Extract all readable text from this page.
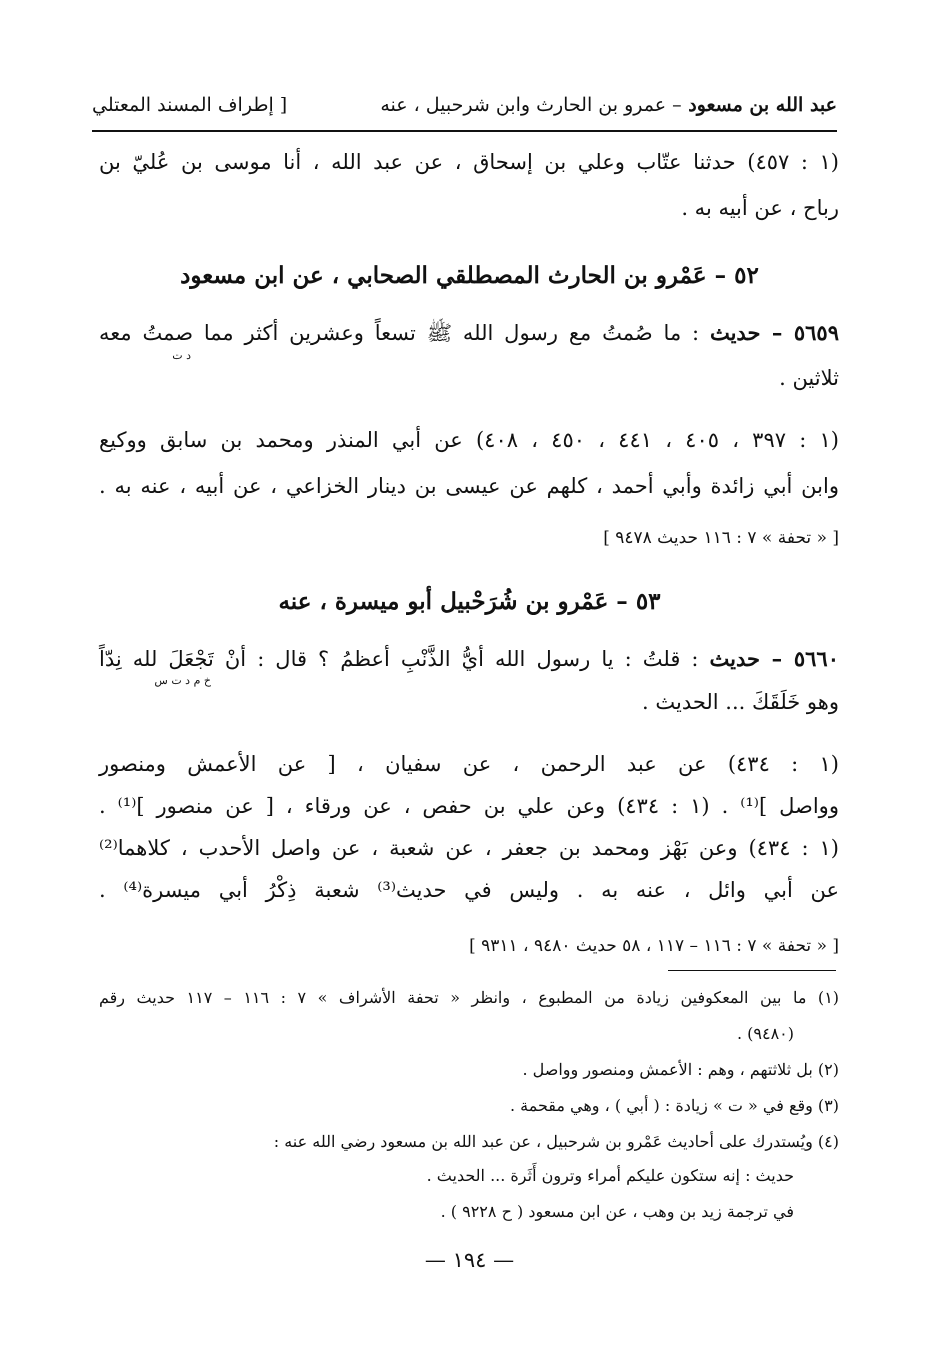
عبد الله بن مسعود – عمرو بن الحارث وابن شرحبيل ، عنه
[ إطراف المسند المعتلي
(١ : ٤٥٧) حدثنا عتّاب وعلي بن إسحاق ، عن عبد الله ، أنا موسى بن عُليّ بن
رباح ، عن أبيه به .
٥٢ – عَمْرو بن الحارث المصطلقي الصحابي ، عن ابن مسعود
٥٦٥٩ – حديث : ما صُمتُ مع رسول الله ﷺ تسعاً وعشرين أكثر مما صمتُ معه
د ت
ثلاثين .
(١ : ٣٩٧ ، ٤٠٥ ، ٤٤١ ، ٤٥٠ ، ٤٠٨) عن أبي المنذر ومحمد بن سابق ووكيع
وابن أبي زائدة وأبي أحمد ، كلهم عن عيسى بن دينار الخزاعي ، عن أبيه ، عنه به .
[ « تحفة » ٧ : ١١٦ حديث ٩٤٧٨ ]
٥٣ – عَمْرو بن شُرَحْبيل أبو ميسرة ، عنه
٥٦٦٠ – حديث : قلتُ : يا رسول الله أيُّ الذَّنْبِ أعظمُ ؟ قال : أنْ تَجْعَلَ لله نِدّاً
خ م د ت س
وهو خَلَقَكَ ... الحديث .
(١ : ٤٣٤) عن عبد الرحمن ، عن سفيان ، [ عن الأعمش ومنصور
وواصل ]⁽¹⁾ . (١ : ٤٣٤) وعن علي بن حفص ، عن ورقاء ، [ عن منصور ]⁽¹⁾ .
(١ : ٤٣٤) وعن بَهْز ومحمد بن جعفر ، عن شعبة ، عن واصل الأحدب ، كلاهما⁽²⁾
عن أبي وائل ، عنه به . وليس في حديث⁽³⁾ شعبة ذِكْرُ أبي ميسرة⁽⁴⁾ .
[ « تحفة » ٧ : ١١٦ – ١١٧ ، ٥٨ حديث ٩٤٨٠ ، ٩٣١١ ]
(١) ما بين المعكوفين زيادة من المطبوع ، وانظر « تحفة الأشراف » ٧ : ١١٦ – ١١٧ حديث رقم
(٩٤٨٠) .
(٢) بل ثلاثتهم ، وهم : الأعمش ومنصور وواصل .
(٣) وقع في « ت » زيادة : ( أبي ) ، وهي مقحمة .
(٤) ويُستدرك على أحاديث عَمْرو بن شرحبيل ، عن عبد الله بن مسعود رضي الله عنه :
حديث : إنه ستكون عليكم أمراء وترون أَثَرة ... الحديث .
في ترجمة زيد بن وهب ، عن ابن مسعود ( ح ٩٢٢٨ ) .
— ١٩٤ —
